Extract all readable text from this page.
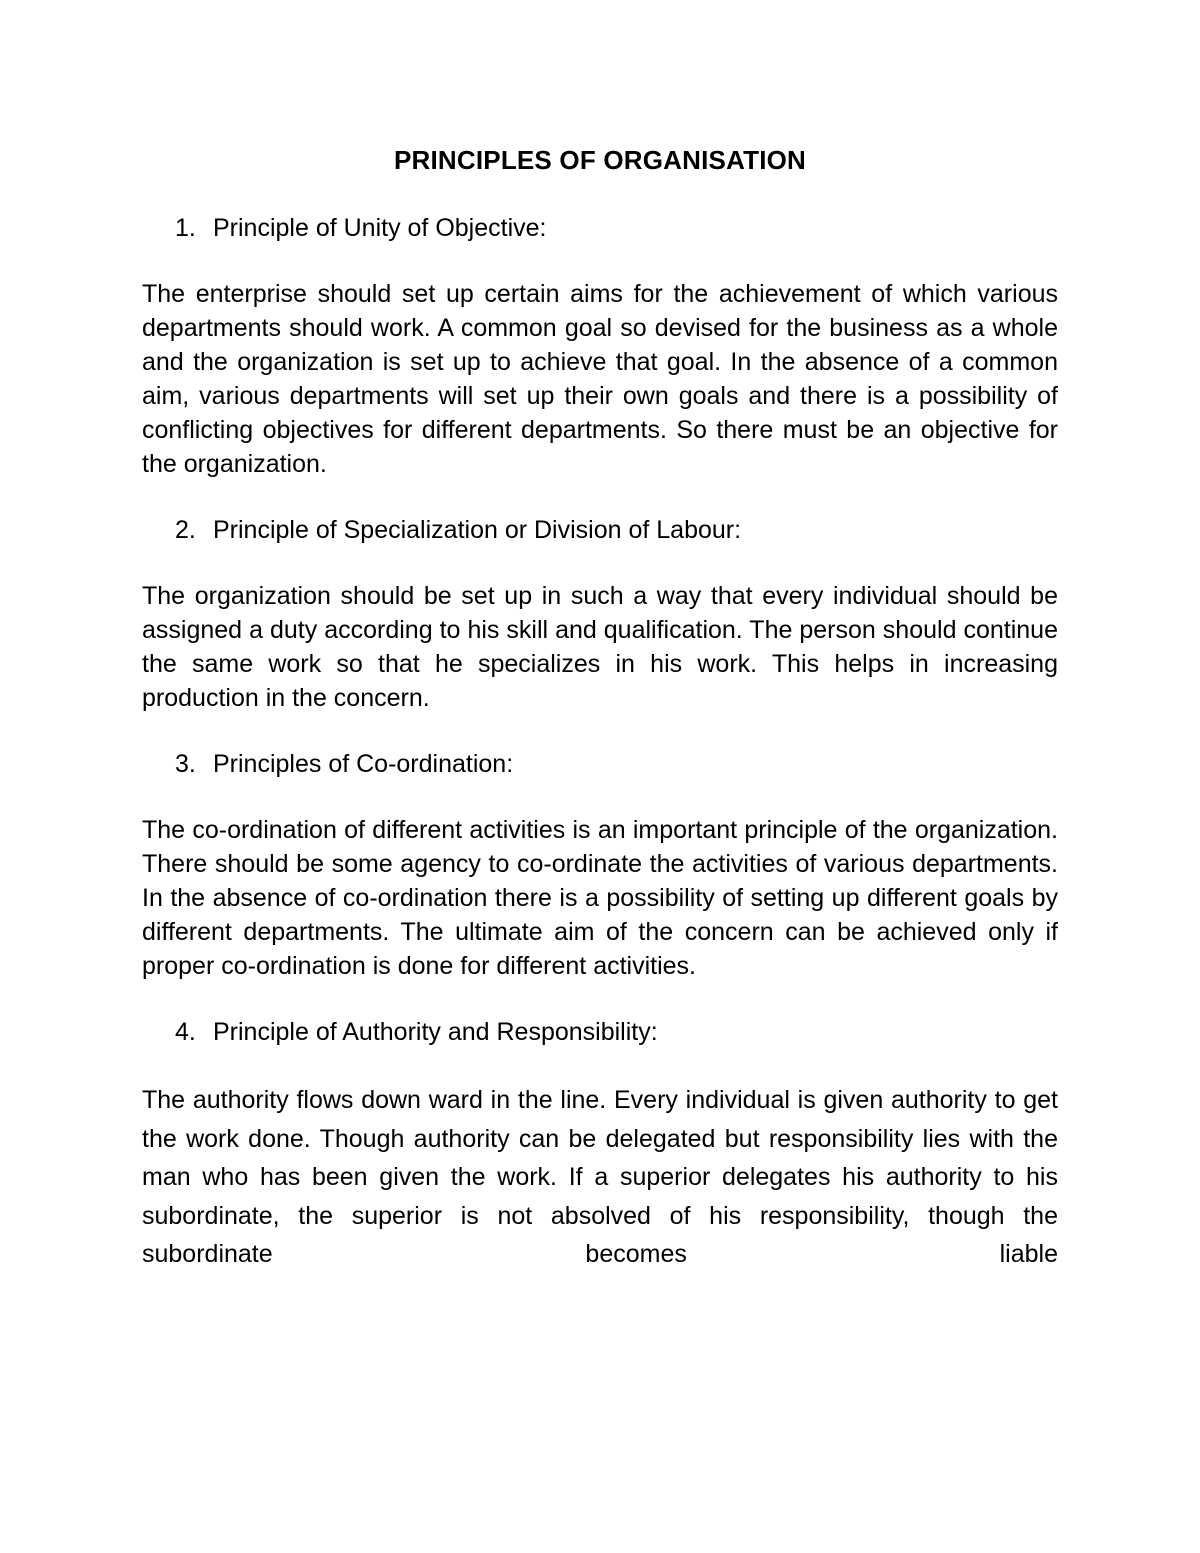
PRINCIPLES OF ORGANISATION
1. Principle of Unity of Objective:

The enterprise should set up certain aims for the achievement of which various departments should work. A common goal so devised for the business as a whole and the organization is set up to achieve that goal. In the absence of a common aim, various departments will set up their own goals and there is a possibility of conflicting objectives for different departments. So there must be an objective for the organization.

2. Principle of Specialization or Division of Labour:

The organization should be set up in such a way that every individual should be assigned a duty according to his skill and qualification. The person should continue the same work so that he specializes in his work. This helps in increasing production in the concern.

3. Principles of Co-ordination:

The co-ordination of different activities is an important principle of the organization. There should be some agency to co-ordinate the activities of various departments. In the absence of co-ordination there is a possibility of setting up different goals by different departments. The ultimate aim of the concern can be achieved only if proper co-ordination is done for different activities.

4. Principle of Authority and Responsibility:

The authority flows down ward in the line. Every individual is given authority to get the work done. Though authority can be delegated but responsibility lies with the man who has been given the work. If a superior delegates his authority to his subordinate, the superior is not absolved of his responsibility, though the subordinate becomes liable
